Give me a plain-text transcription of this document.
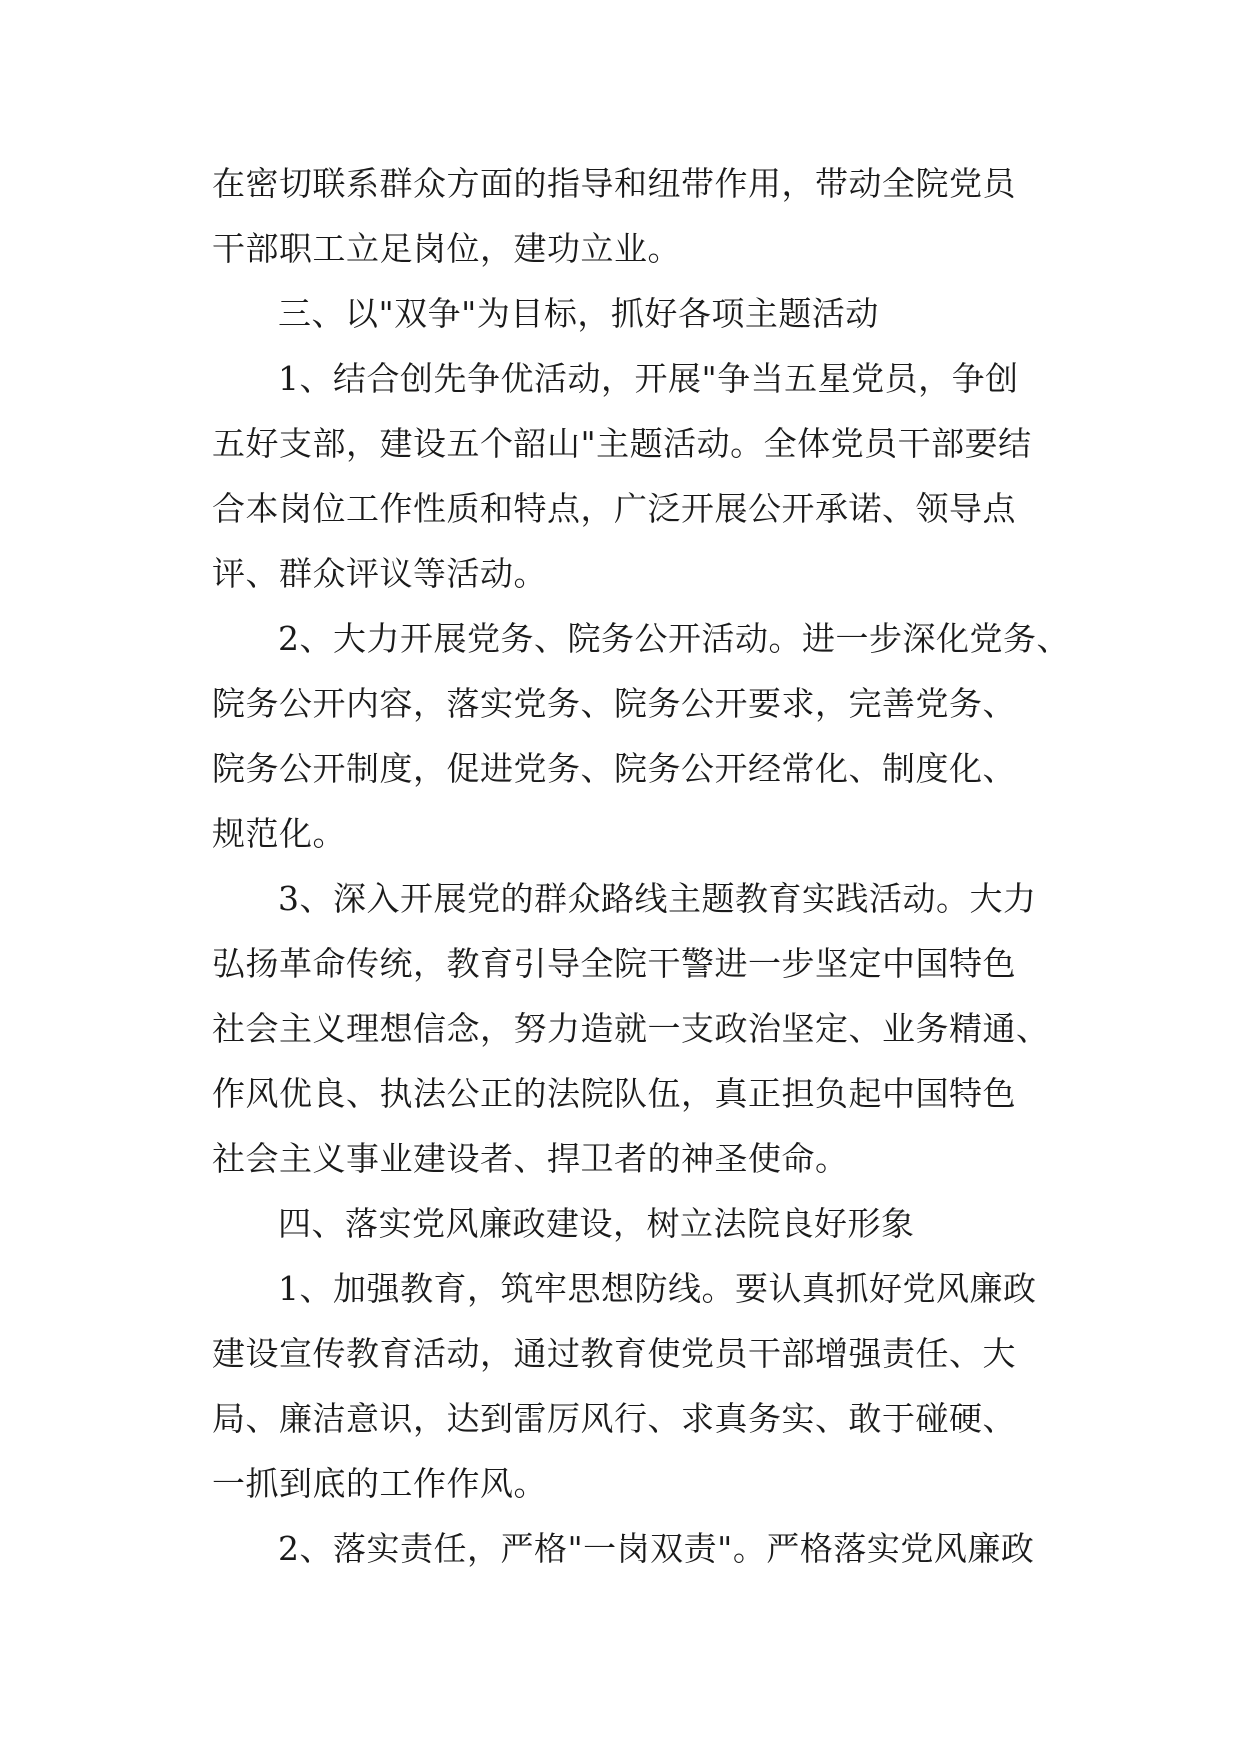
在密切联系群众方面的指导和纽带作用，带动全院党员
干部职工立足岗位，建功立业。
三、以"双争"为目标，抓好各项主题活动
1、结合创先争优活动，开展"争当五星党员，争创
五好支部，建设五个韶山"主题活动。全体党员干部要结
合本岗位工作性质和特点，广泛开展公开承诺、领导点
评、群众评议等活动。
2、大力开展党务、院务公开活动。进一步深化党务、
院务公开内容，落实党务、院务公开要求，完善党务、
院务公开制度，促进党务、院务公开经常化、制度化、
规范化。
3、深入开展党的群众路线主题教育实践活动。大力
弘扬革命传统，教育引导全院干警进一步坚定中国特色
社会主义理想信念，努力造就一支政治坚定、业务精通、
作风优良、执法公正的法院队伍，真正担负起中国特色
社会主义事业建设者、捍卫者的神圣使命。
四、落实党风廉政建设，树立法院良好形象
1、加强教育，筑牢思想防线。要认真抓好党风廉政
建设宣传教育活动，通过教育使党员干部增强责任、大
局、廉洁意识，达到雷厉风行、求真务实、敢于碰硬、
一抓到底的工作作风。
2、落实责任，严格"一岗双责"。严格落实党风廉政
